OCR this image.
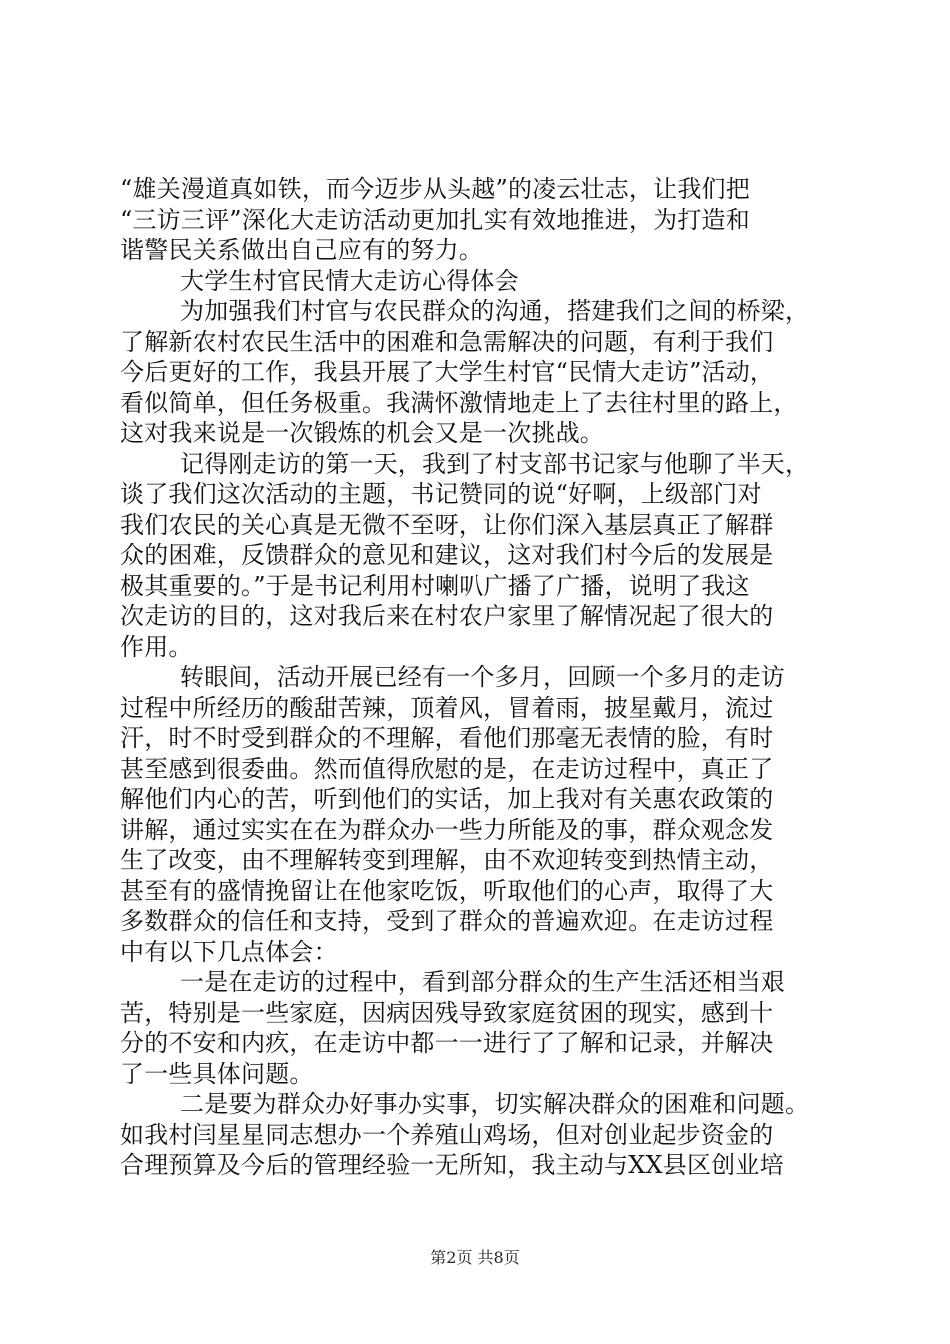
“雄关漫道真如铁，而今迈步从头越”的凌云壮志，让我们把
“三访三评”深化大走访活动更加扎实有效地推进，为打造和
谐警民关系做出自己应有的努力。
大学生村官民情大走访心得体会
为加强我们村官与农民群众的沟通，搭建我们之间的桥梁，
了解新农村农民生活中的困难和急需解决的问题，有利于我们
今后更好的工作，我县开展了大学生村官“民情大走访”活动，
看似简单，但任务极重。我满怀激情地走上了去往村里的路上，
这对我来说是一次锻炼的机会又是一次挑战。
记得刚走访的第一天，我到了村支部书记家与他聊了半天，
谈了我们这次活动的主题，书记赞同的说“好啊，上级部门对
我们农民的关心真是无微不至呀，让你们深入基层真正了解群
众的困难，反馈群众的意见和建议，这对我们村今后的发展是
极其重要的。”于是书记利用村喇叭广播了广播，说明了我这
次走访的目的，这对我后来在村农户家里了解情况起了很大的
作用。
转眼间，活动开展已经有一个多月，回顾一个多月的走访
过程中所经历的酸甜苦辣，顶着风，冒着雨，披星戴月，流过
汗，时不时受到群众的不理解，看他们那毫无表情的脸，有时
甚至感到很委曲。然而值得欣慰的是，在走访过程中，真正了
解他们内心的苦，听到他们的实话，加上我对有关惠农政策的
讲解，通过实实在在为群众办一些力所能及的事，群众观念发
生了改变，由不理解转变到理解，由不欢迎转变到热情主动，
甚至有的盛情挽留让在他家吃饭，听取他们的心声，取得了大
多数群众的信任和支持，受到了群众的普遍欢迎。在走访过程
中有以下几点体会：
一是在走访的过程中，看到部分群众的生产生活还相当艰
苦，特别是一些家庭，因病因残导致家庭贫困的现实，感到十
分的不安和内疚，在走访中都一一进行了了解和记录，并解决
了一些具体问题。
二是要为群众办好事办实事，切实解决群众的困难和问题。
如我村闫星星同志想办一个养殖山鸡场，但对创业起步资金的
合理预算及今后的管理经验一无所知，我主动与XX县区创业培
第2页 共8页
